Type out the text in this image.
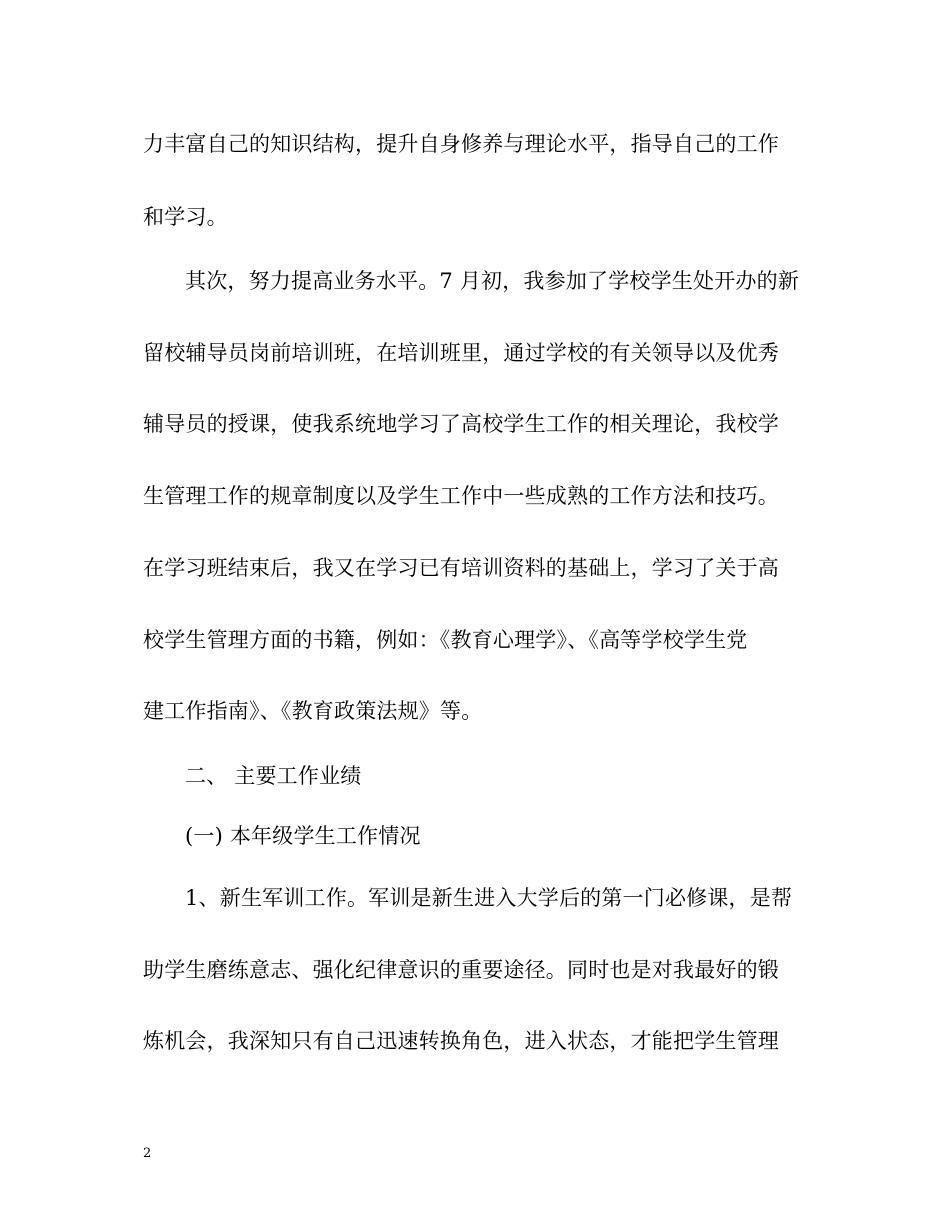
力丰富自己的知识结构，提升自身修养与理论水平，指导自己的工作
和学习。
其次，努力提高业务水平。7 月初，我参加了学校学生处开办的新
留校辅导员岗前培训班，在培训班里，通过学校的有关领导以及优秀
辅导员的授课，使我系统地学习了高校学生工作的相关理论，我校学
生管理工作的规章制度以及学生工作中一些成熟的工作方法和技巧。
在学习班结束后，我又在学习已有培训资料的基础上，学习了关于高
校学生管理方面的书籍，例如：《教育心理学》、《高等学校学生党
建工作指南》、《教育政策法规》等。
二、 主要工作业绩
(一) 本年级学生工作情况
1、新生军训工作。军训是新生进入大学后的第一门必修课，是帮
助学生磨练意志、强化纪律意识的重要途径。同时也是对我最好的锻
炼机会，我深知只有自己迅速转换角色，进入状态，才能把学生管理
2
